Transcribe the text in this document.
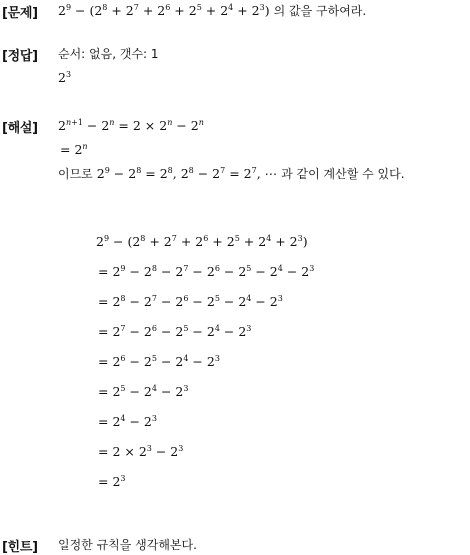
[문제] $2^9 - (2^8 + 2^7 + 2^6 + 2^5 + 2^4 + 2^3)$ 의 값을 구하여라.
[정답] 순서: 없음, 갯수: 1
$2^3$
[해설] $2^{n+1} - 2^n = 2 \times 2^n - 2^n$
= $2^n$
이므로 $2^9 - 2^8 = 2^8$, $2^8 - 2^7 = 2^7$, ⋯ 과 같이 계산할 수 있다.
$2^9 - (2^8 + 2^7 + 2^6 + 2^5 + 2^4 + 2^3)$
= $2^9 - 2^8 - 2^7 - 2^6 - 2^5 - 2^4 - 2^3$
= $2^8 - 2^7 - 2^6 - 2^5 - 2^4 - 2^3$
= $2^7 - 2^6 - 2^5 - 2^4 - 2^3$
= $2^6 - 2^5 - 2^4 - 2^3$
= $2^5 - 2^4 - 2^3$
= $2^4 - 2^3$
= $2 \times 2^3 - 2^3$
= $2^3$
[힌트] 일정한 규칙을 생각해본다.
